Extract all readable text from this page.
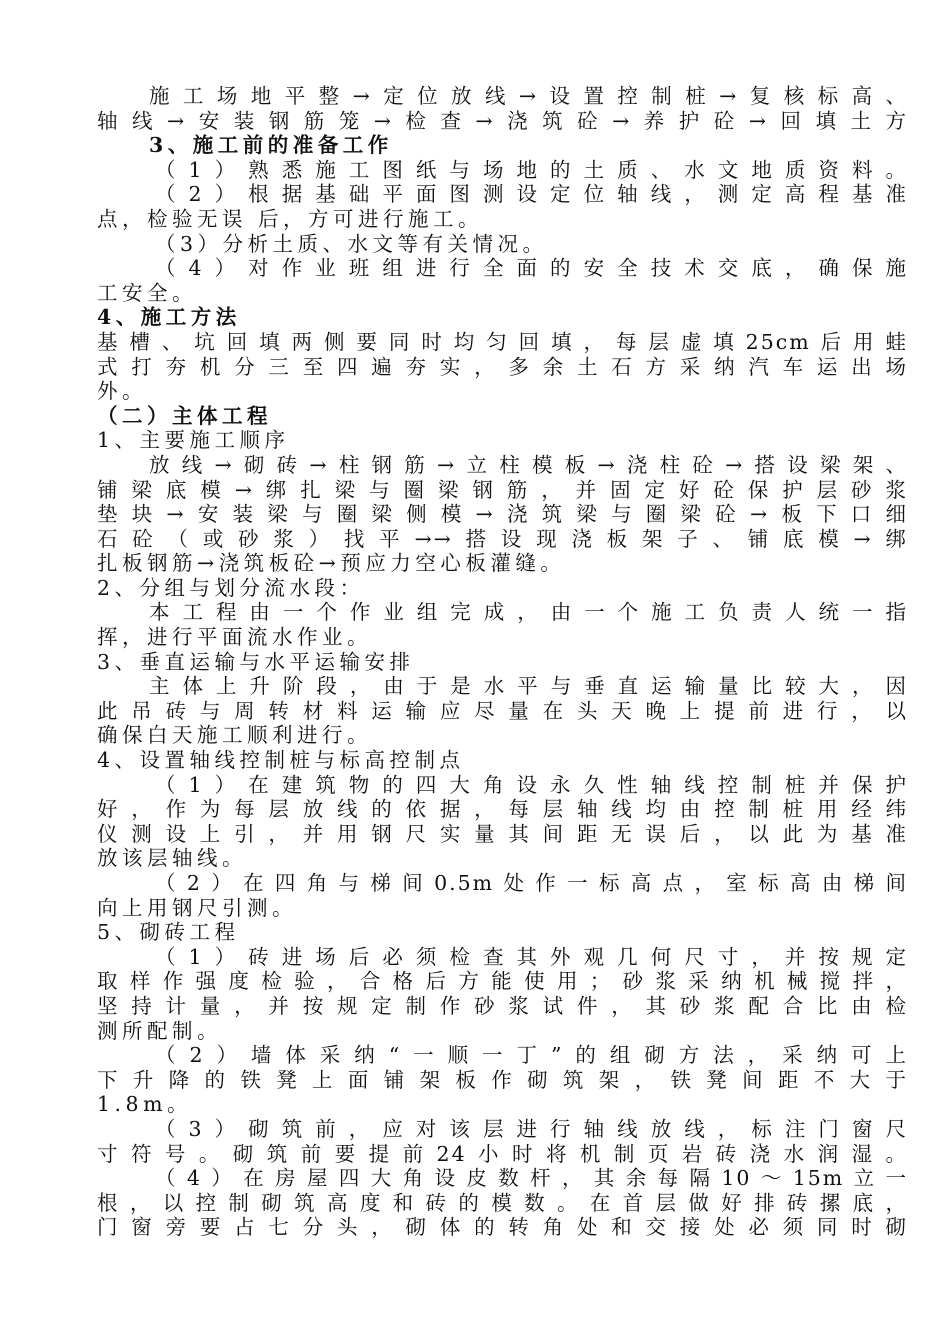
施工场地平整→定位放线→设置控制桩→复核标高、
轴线→安装钢筋笼→检查→浇筑砼→养护砼→回填土方
3、施工前的准备工作
（1）熟悉施工图纸与场地的土质、水文地质资料。
（2）根据基础平面图测设定位轴线，测定高程基准
点，检验无误 后，方可进行施工。
（3）分析土质、水文等有关情况。
（4）对作业班组进行全面的安全技术交底，确保施
工安全。
4、施工方法
基槽、坑回填两侧要同时均匀回填，每层虚填25cm后用蛙
式打夯机分三至四遍夯实，多余土石方采纳汽车运出场
外。
（二）主体工程
1、主要施工顺序
放线→砌砖→柱钢筋→立柱模板→浇柱砼→搭设梁架、
铺梁底模→绑扎梁与圈梁钢筋，并固定好砼保护层砂浆
垫块→安装梁与圈梁侧模→浇筑梁与圈梁砼→板下口细
石砼（或砂浆）找平→→搭设现浇板架子、铺底模→绑
扎板钢筋→浇筑板砼→预应力空心板灌缝。
2、分组与划分流水段：
本工程由一个作业组完成，由一个施工负责人统一指
挥，进行平面流水作业。
3、垂直运输与水平运输安排
主体上升阶段，由于是水平与垂直运输量比较大，因
此吊砖与周转材料运输应尽量在头天晚上提前进行，以
确保白天施工顺利进行。
4、设置轴线控制桩与标高控制点
（1）在建筑物的四大角设永久性轴线控制桩并保护
好，作为每层放线的依据，每层轴线均由控制桩用经纬
仪测设上引，并用钢尺实量其间距无误后，以此为基准
放该层轴线。
（2）在四角与梯间0.5m处作一标高点，室标高由梯间
向上用钢尺引测。
5、砌砖工程
（1）砖进场后必须检查其外观几何尺寸，并按规定
取样作强度检验，合格后方能使用；砂浆采纳机械搅拌，
坚持计量，并按规定制作砂浆试件，其砂浆配合比由检
测所配制。
（2）墙体采纳“一顺一丁”的组砌方法，采纳可上
下升降的铁凳上面铺架板作砌筑架，铁凳间距不大于
1.8m。
（3）砌筑前，应对该层进行轴线放线，标注门窗尺
寸符号。砌筑前要提前24小时将机制页岩砖浇水润湿。
（4）在房屋四大角设皮数杆，其余每隔10～15m立一
根，以控制砌筑高度和砖的模数。在首层做好排砖摞底，
门窗旁要占七分头，砌体的转角处和交接处必须同时砌
